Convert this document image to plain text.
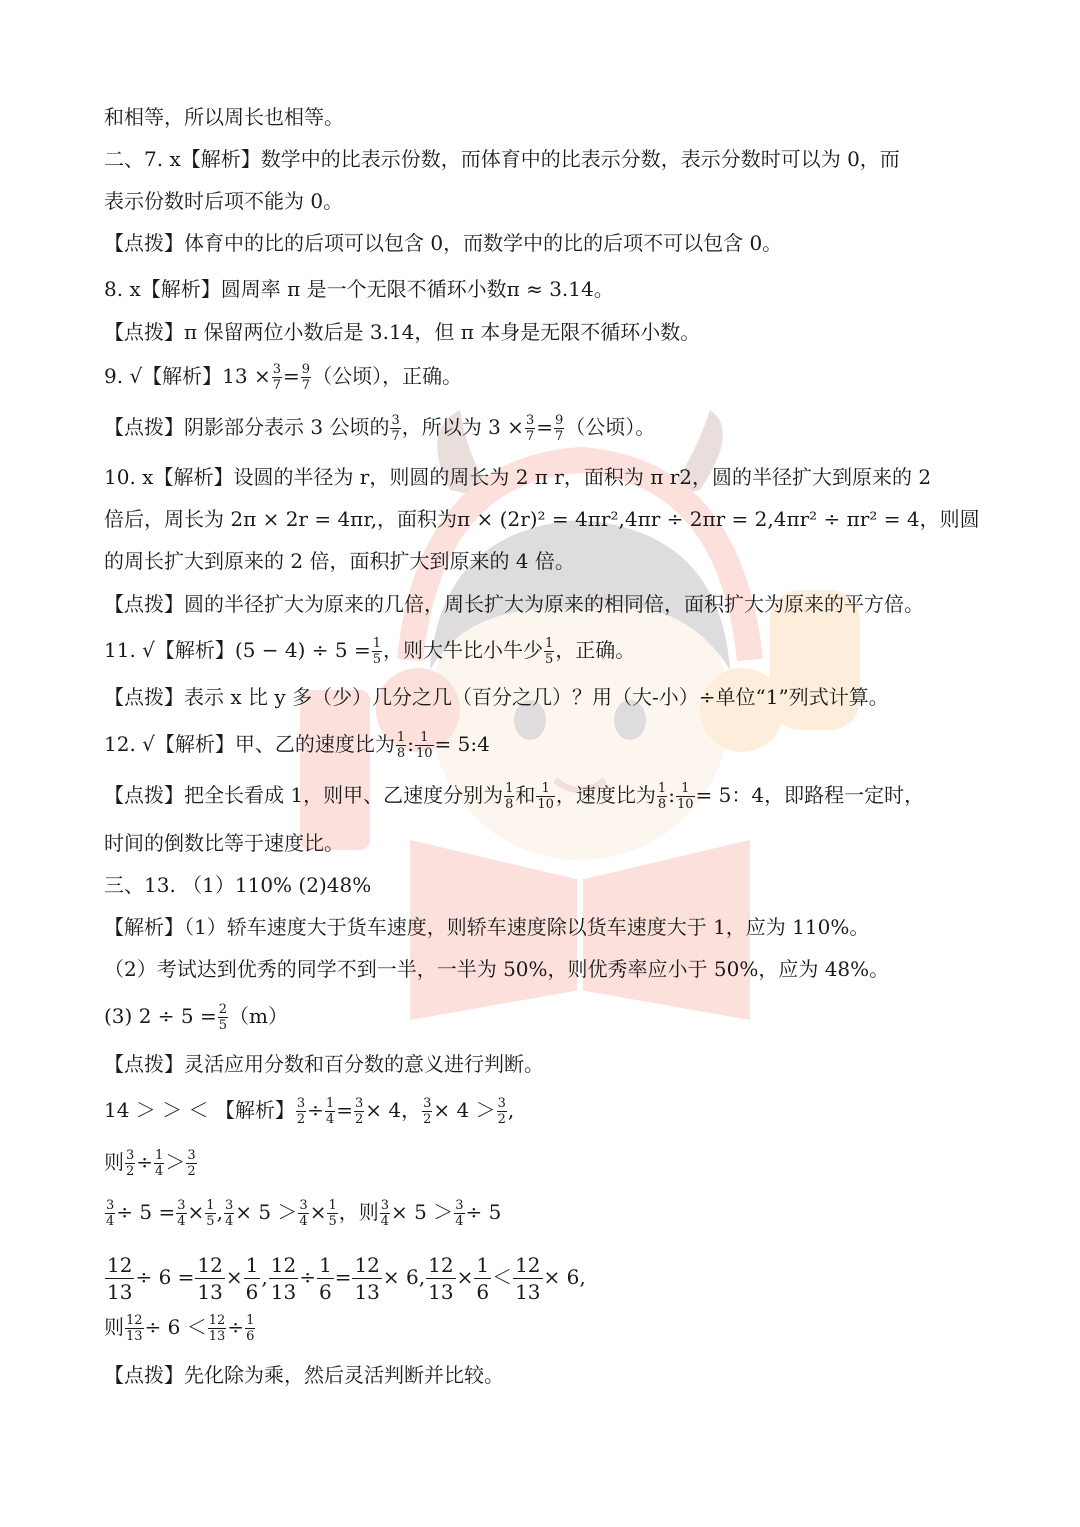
和相等，所以周长也相等。
二、7. x【解析】数学中的比表示份数，而体育中的比表示分数，表示分数时可以为 0，而
表示份数时后项不能为 0。
【点拨】体育中的比的后项可以包含 0，而数学中的比的后项不可以包含 0。
8. x【解析】圆周率 π 是一个无限不循环小数π ≈ 3.14。
【点拨】π 保留两位小数后是 3.14，但 π 本身是无限不循环小数。
9. √【解析】$13 \times \frac{3}{7} = \frac{9}{7}$ （公顷），正确。
【点拨】阴影部分表示 3 公顷的 $\frac{3}{7}$ ，所以为 $3 \times \frac{3}{7} = \frac{9}{7}$ （公顷）。
10. x【解析】设圆的半径为 r，则圆的周长为 2 π r，面积为 π r2，圆的半径扩大到原来的 2
倍后，周长为 2π × 2r = 4πr,，面积为π × (2r)² = 4πr²,4πr ÷ 2πr = 2,4πr² ÷ πr² = 4，则圆
的周长扩大到原来的 2 倍，面积扩大到原来的 4 倍。
【点拨】圆的半径扩大为原来的几倍，周长扩大为原来的相同倍，面积扩大为原来的平方倍。
11. √【解析】$(5 - 4) \div 5 = \frac{1}{5}$ ，则大牛比小牛少 $\frac{1}{5}$ ，正确。
【点拨】表示 x 比 y 多（少）几分之几（百分之几）？用（大-小）÷单位“1”列式计算。
12. √【解析】甲、乙的速度比为 $\frac{1}{8}$ : $\frac{1}{10}$ = 5:4
【点拨】把全长看成 1，则甲、乙速度分别为 $\frac{1}{8}$ 和 $\frac{1}{10}$ ，速度比为 $\frac{1}{8}$ : $\frac{1}{10} = 5$：4，即路程一定时，
时间的倒数比等于速度比。
三、13. （1）110% (2)48%
【解析】（1）轿车速度大于货车速度，则轿车速度除以货车速度大于 1，应为 110%。
（2）考试达到优秀的同学不到一半，一半为 50%，则优秀率应小于 50%，应为 48%。
(3) $2 \div 5 = \frac{2}{5} (m)$
【点拨】灵活应用分数和百分数的意义进行判断。
14 ＞ ＞ ＜ 【解析】 $\frac{3}{2} \div \frac{1}{4} = \frac{3}{2} \times 4$， $\frac{3}{2} \times 4 > \frac{3}{2}$ ,
则 $\frac{3}{2} \div \frac{1}{4} > \frac{3}{2}$
$\frac{3}{4} \div 5 = \frac{3}{4} \times \frac{1}{5}$ , $\frac{3}{4} \times 5 > \frac{3}{4} \times \frac{1}{5}$ ，则 $\frac{3}{4} \times 5 > \frac{3}{4} \div 5$
$\frac{12}{13} \div 6 = \frac{12}{13} \times \frac{1}{6}$ , $\frac{12}{13} \div \frac{1}{6} = \frac{12}{13} \times 6$, $\frac{12}{13} \times \frac{1}{6} < \frac{12}{13} \times 6$,
则 $\frac{12}{13} \div 6 < \frac{12}{13} \div \frac{1}{6}$
【点拨】先化除为乘，然后灵活判断并比较。
